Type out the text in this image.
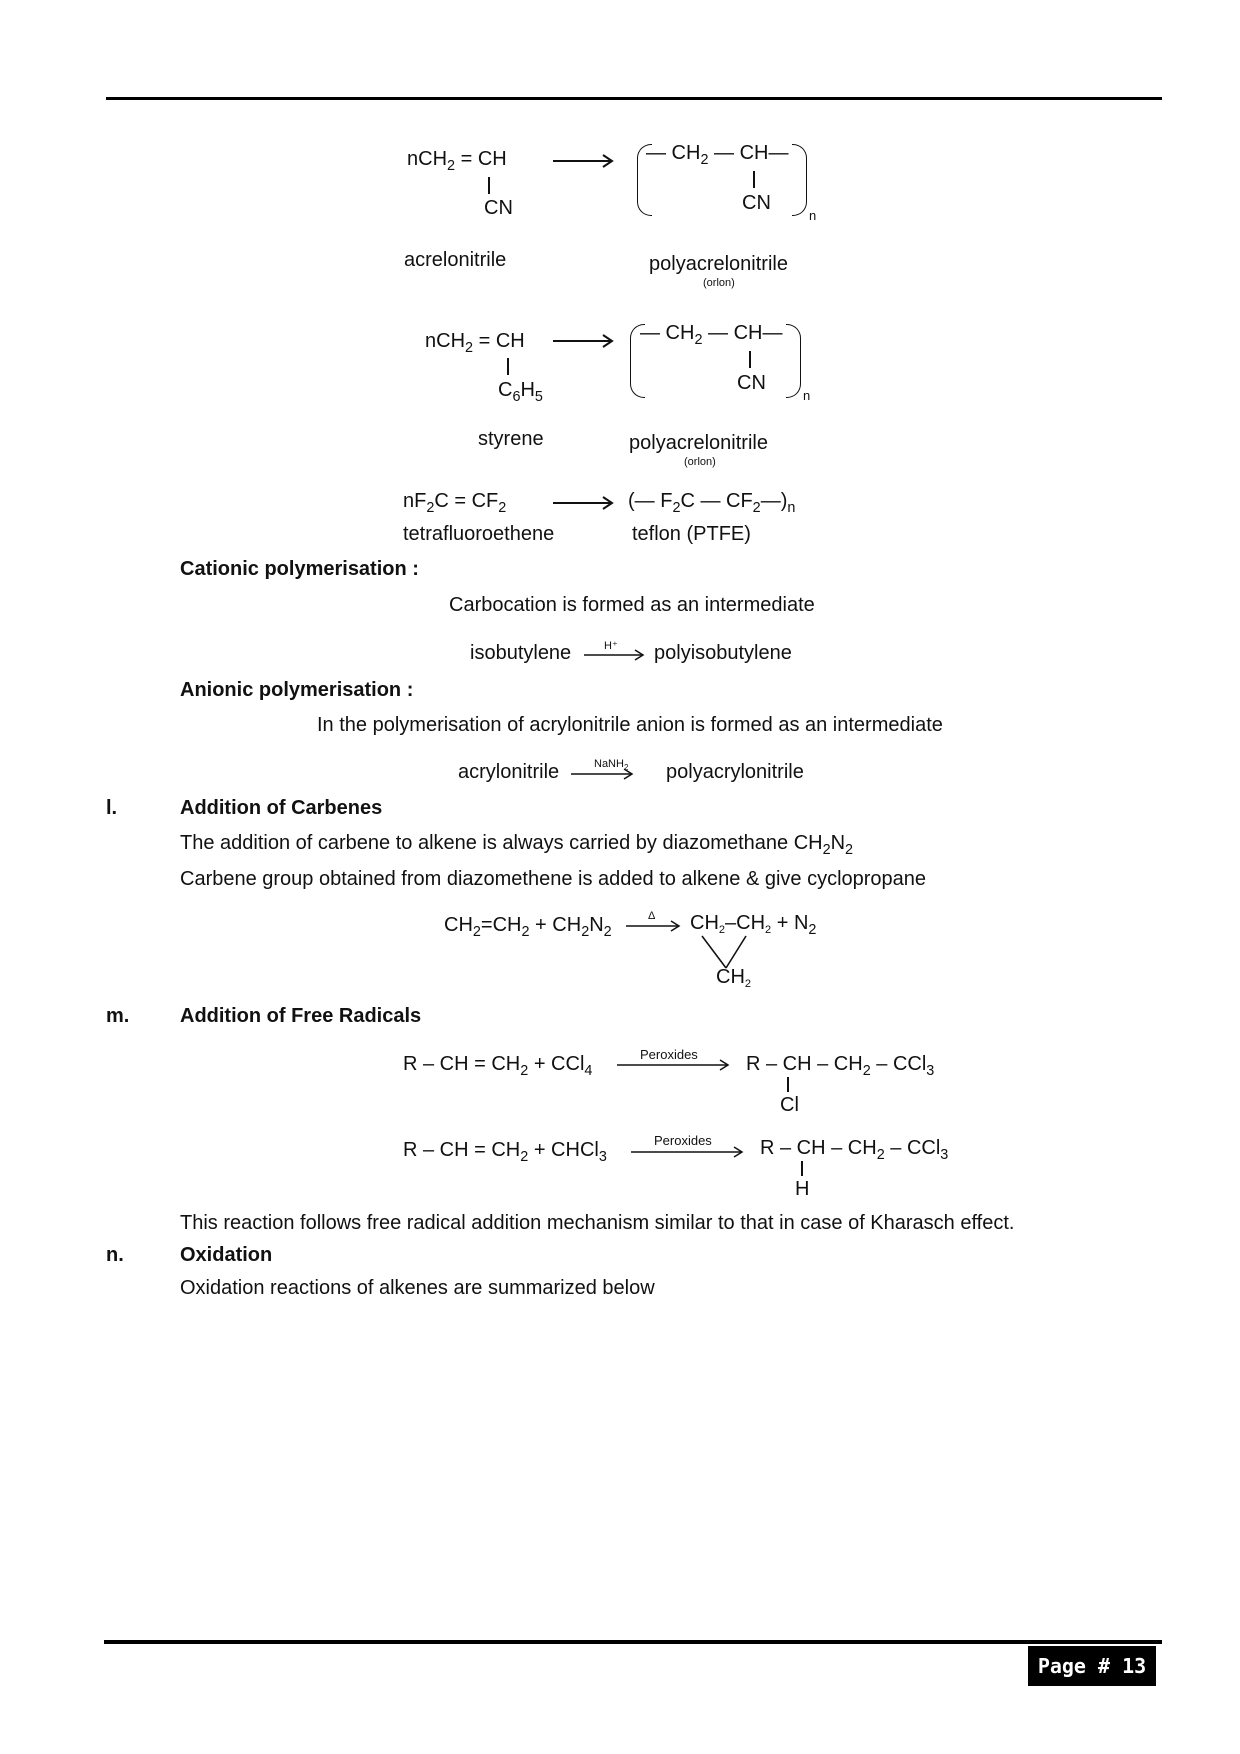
nCH$_2$ = CH
CN
— $CH_2$ — CH—
CN
n
acrelonitrile	polyacrelonitrile
(orlon)
nCH$_2$ = CH
$C_6H_5$
— $CH_2$ — CH—
CN
n
styrene	polyacrelonitrile
(orlon)
$nF_2C = CF_2$	→ (— $F_2C$ — $CF_2—)_n$
tetrafluoroethene	teflon (PTFE)
Cationic polymerisation :
Carbocation is formed as an intermediate
isobutylene	H⁺ → polyisobutylene
Anionic polymerisation :
In the polymerisation of acrylonitrile anion is formed as an intermediate
acrylonitrile	NaNH$_2$ polyacrylonitrile
l.	Addition of Carbenes
The addition of carbene to alkene is always carried by diazomethane $CH_2N_2$
Carbene group obtained from diazomethene is added to alkene & give cyclopropane
$CH_2=CH_2 + CH_2N_2$
$\Delta \to CH_2-CH_2 + N_2$
$CH_2$
m.	Addition of Free Radicals
R – CH = $CH_2 + CCl_4$
Peroxides R – CH – $CH_2 - CCl_3$
Cl
R – CH = $CH_2$ + CHCl$_3$
Peroxides R – CH – $CH_2 - CCl_3$
H
This reaction follows free radical addition mechanism similar to that in case of Kharasch effect.
n.	Oxidation
Oxidation reactions of alkenes are summarized below
Page # 13
